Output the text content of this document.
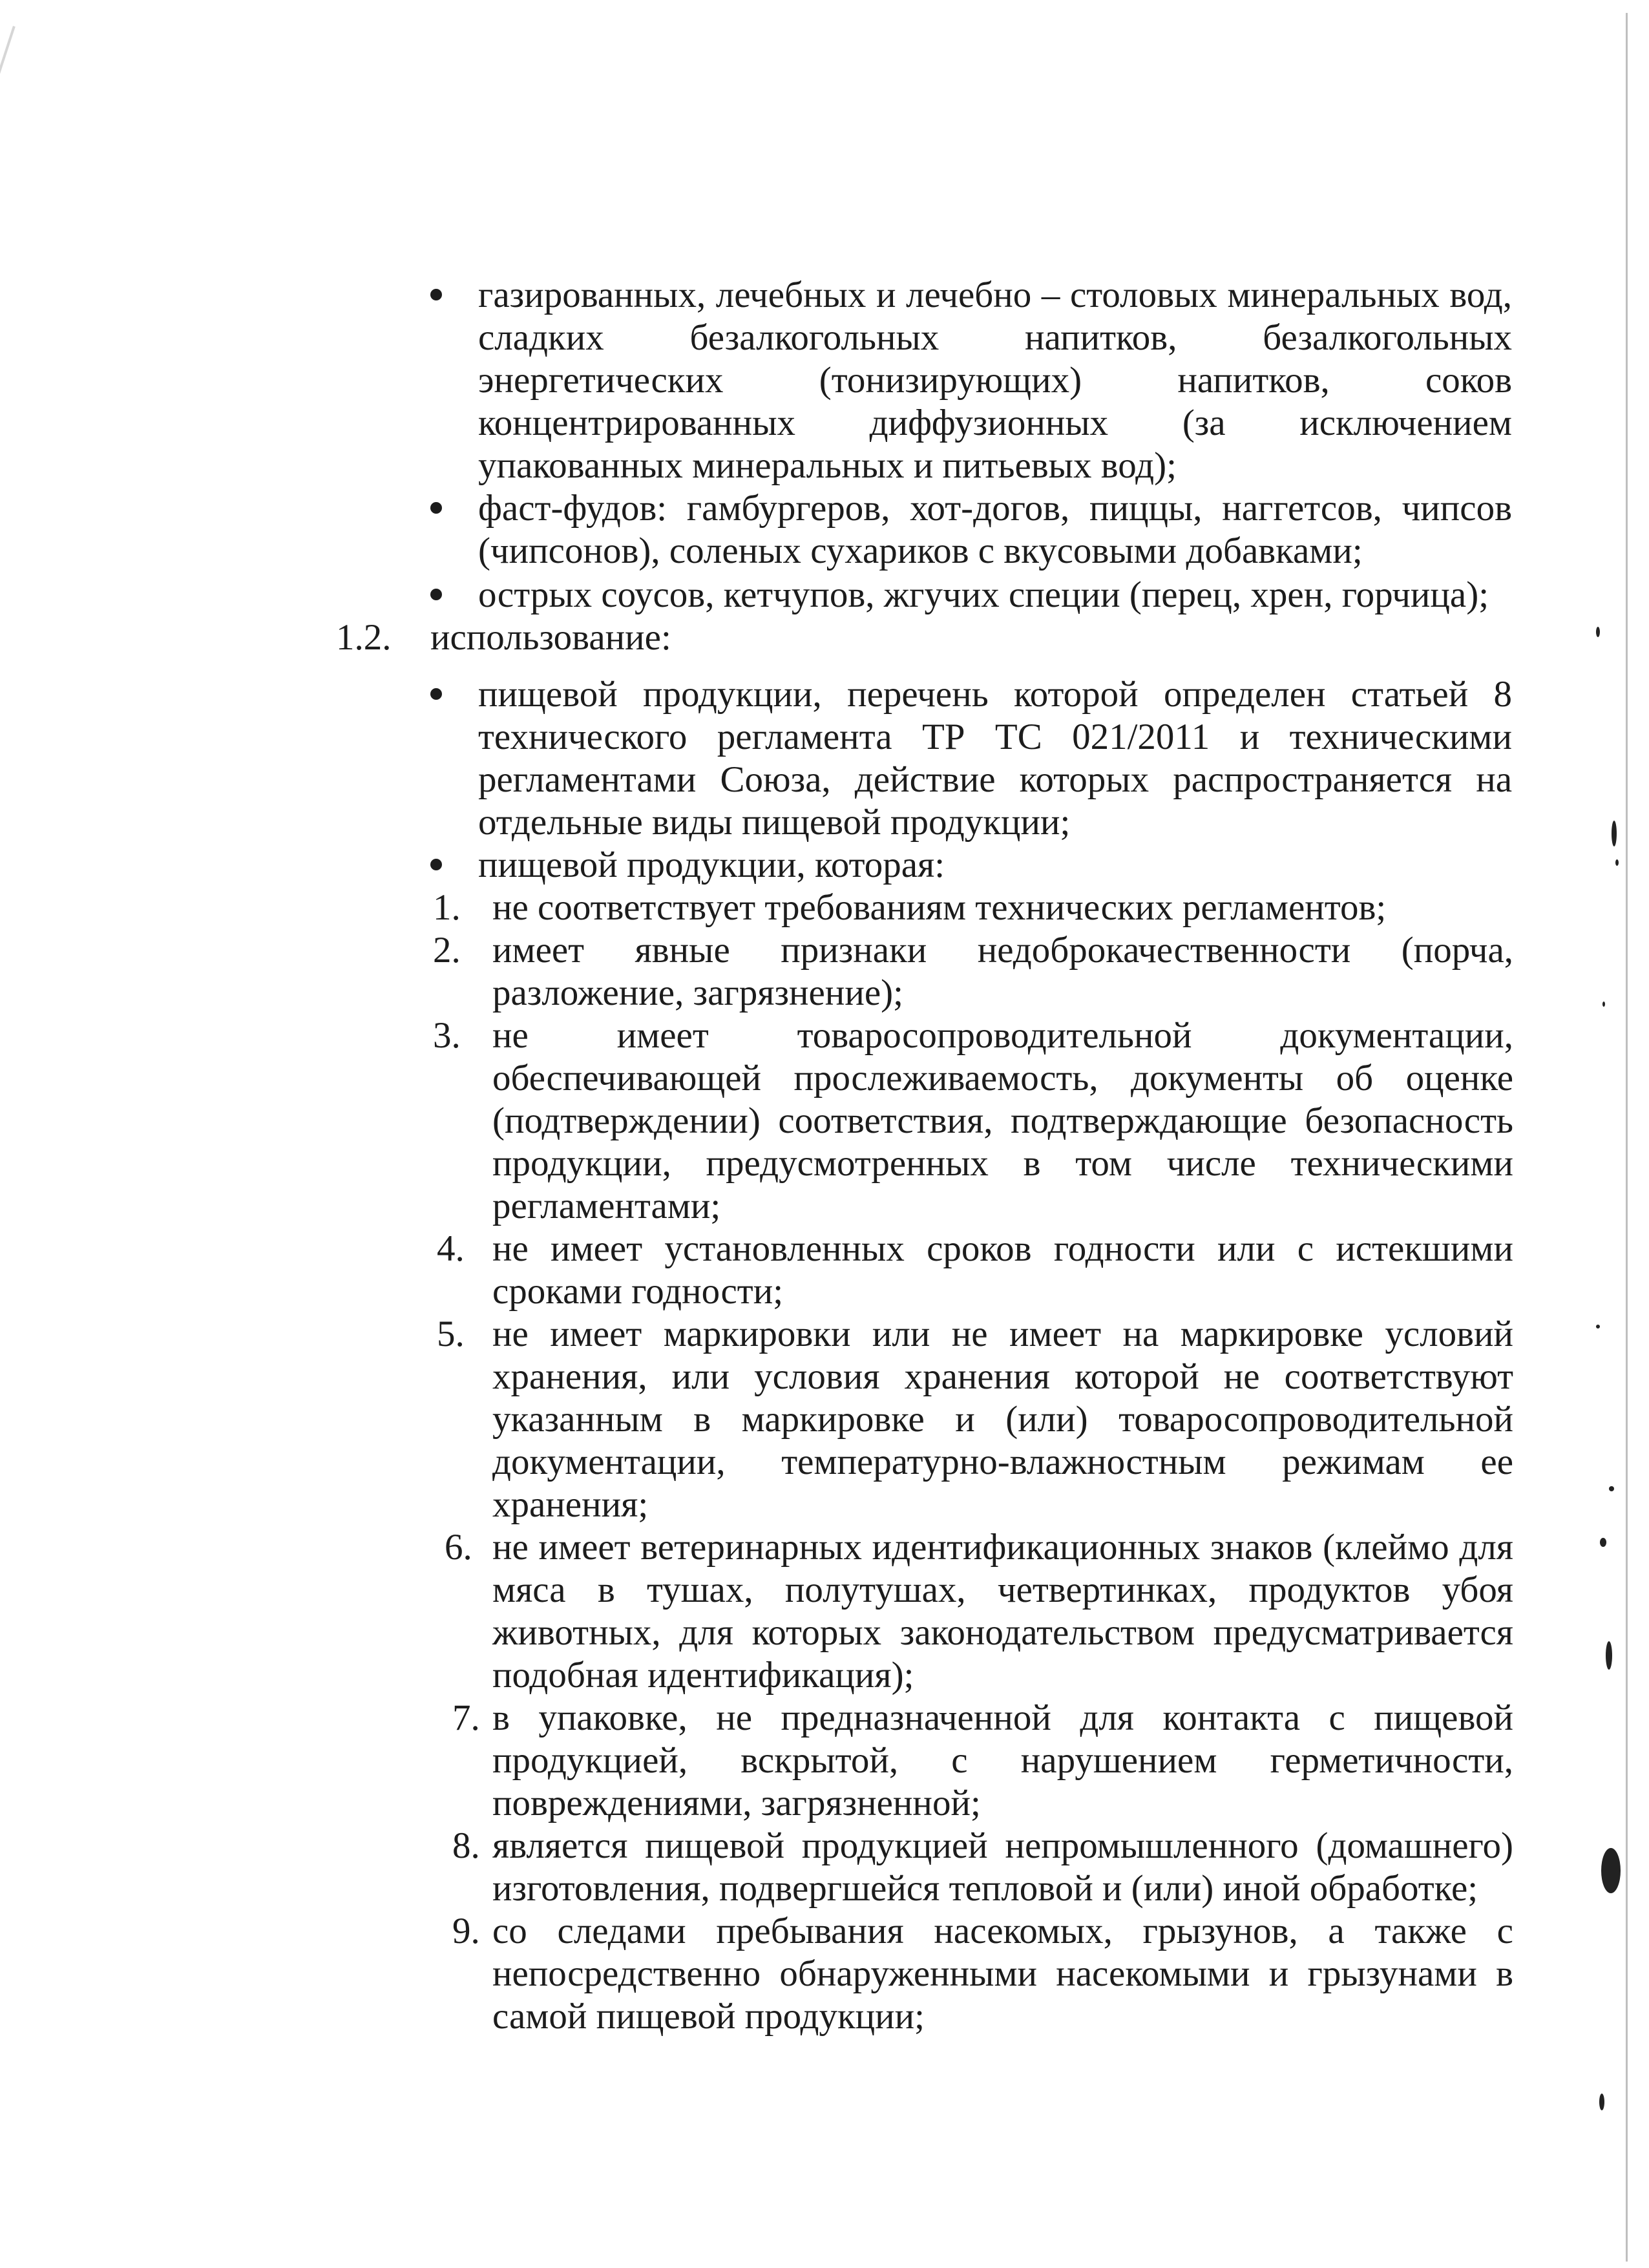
газированных, лечебных и лечебно – столовых минеральных вод,
сладких безалкогольных напитков, безалкогольных
энергетических (тонизирующих) напитков, соков
концентрированных диффузионных (за исключением
упакованных минеральных и питьевых вод);
фаст-фудов: гамбургеров, хот-догов, пиццы, наггетсов, чипсов
(чипсонов), соленых сухариков с вкусовыми добавками;
острых соусов, кетчупов, жгучих специи (перец, хрен, горчица);
1.2. использование:
пищевой продукции, перечень которой определен статьей 8
технического регламента ТР ТС 021/2011 и техническими
регламентами Союза, действие которых распространяется на
отдельные виды пищевой продукции;
пищевой продукции, которая:
1. не соответствует требованиям технических регламентов;
2. имеет явные признаки недоброкачественности (порча,
разложение, загрязнение);
3. не имеет товаросопроводительной документации,
обеспечивающей прослеживаемость, документы об оценке
(подтверждении) соответствия, подтверждающие безопасность
продукции, предусмотренных в том числе техническими
регламентами;
4. не имеет установленных сроков годности или с истекшими
сроками годности;
5. не имеет маркировки или не имеет на маркировке условий
хранения, или условия хранения которой не соответствуют
указанным в маркировке и (или) товаросопроводительной
документации, температурно-влажностным режимам ее
хранения;
6. не имеет ветеринарных идентификационных знаков (клеймо для
мяса в тушах, полутушах, четвертинках, продуктов убоя
животных, для которых законодательством предусматривается
подобная идентификация);
7. в упаковке, не предназначенной для контакта с пищевой
продукцией, вскрытой, с нарушением герметичности,
повреждениями, загрязненной;
8. является пищевой продукцией непромышленного (домашнего)
изготовления, подвергшейся тепловой и (или) иной обработке;
9. со следами пребывания насекомых, грызунов, а также с
непосредственно обнаруженными насекомыми и грызунами в
самой пищевой продукции;
